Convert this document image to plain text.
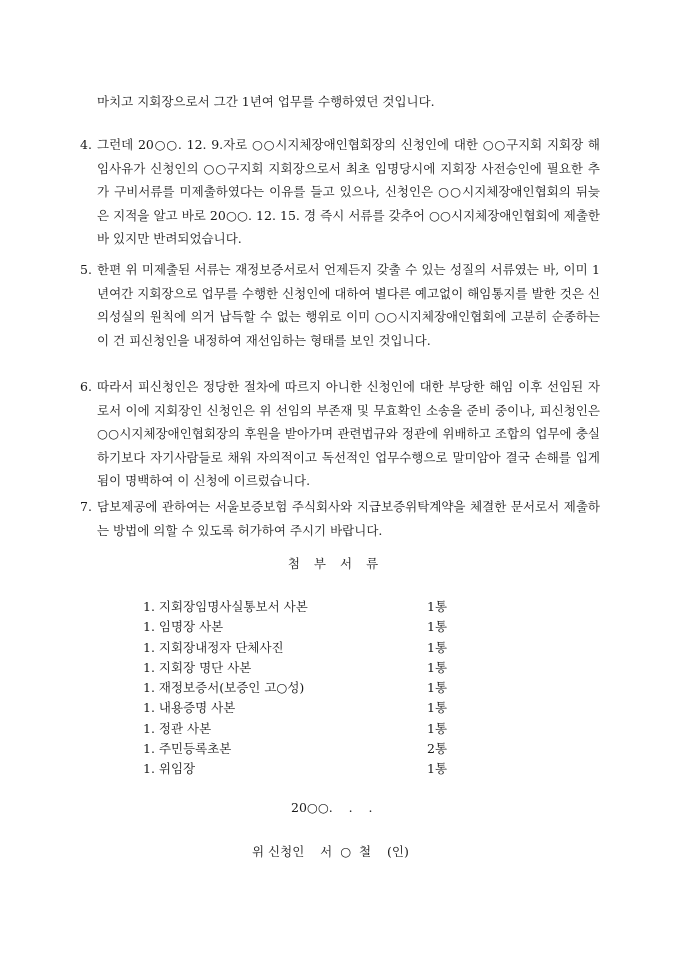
마치고 지회장으로서 그간 1년여 업무를 수행하였던 것입니다.

4. 그런데 20○○. 12. 9.자로 ○○시지체장애인협회장의 신청인에 대한 ○○구지회 지회장 해임사유가 신청인의 ○○구지회 지회장으로서 최초 임명당시에 지회장 사전승인에 필요한 추가 구비서류를 미제출하였다는 이유를 들고 있으나, 신청인은 ○○시지체장애인협회의 뒤늦은 지적을 알고 바로 20○○. 12. 15. 경 즉시 서류를 갖추어 ○○시지체장애인협회에 제출한 바 있지만 반려되었습니다.
5. 한편 위 미제출된 서류는 재정보증서로서 언제든지 갖출 수 있는 성질의 서류였는 바, 이미 1년여간 지회장으로 업무를 수행한 신청인에 대하여 별다른 예고없이 해임통지를 발한 것은 신의성실의 원칙에 의거 납득할 수 없는 행위로 이미 ○○시지체장애인협회에 고분히 순종하는 이 건 피신청인을 내정하여 재선임하는 형태를 보인 것입니다.
6. 따라서 피신청인은 정당한 절차에 따르지 아니한 신청인에 대한 부당한 해임 이후 선임된 자로서 이에 지회장인 신청인은 위 선임의 부존재 및 무효확인 소송을 준비 중이나, 피신청인은 ○○시지체장애인협회장의 후원을 받아가며 관련법규와 정관에 위배하고 조합의 업무에 충실하기보다 자기사람들로 채워 자의적이고 독선적인 업무수행으로 말미암아 결국 손해를 입게 됨이 명백하여 이 신청에 이르렀습니다.
7. 담보제공에 관하여는 서울보증보험 주식회사와 지급보증위탁계약을 체결한 문서로서 제출하는 방법에 의할 수 있도록 허가하여 주시기 바랍니다.

첨부서류

1. 지회장임명사실통보서 사본	1통
1. 임명장 사본	1통
1. 지회장내정자 단체사진	1통
1. 지회장 명단 사본	1통
1. 재정보증서(보증인 고○성)	1통
1. 내용증명 사본	1통
1. 정관 사본	1통
1. 주민등록초본	2통
1. 위임장	1통

20○○.    .    .

위 신청인    서  ○  철    (인)
